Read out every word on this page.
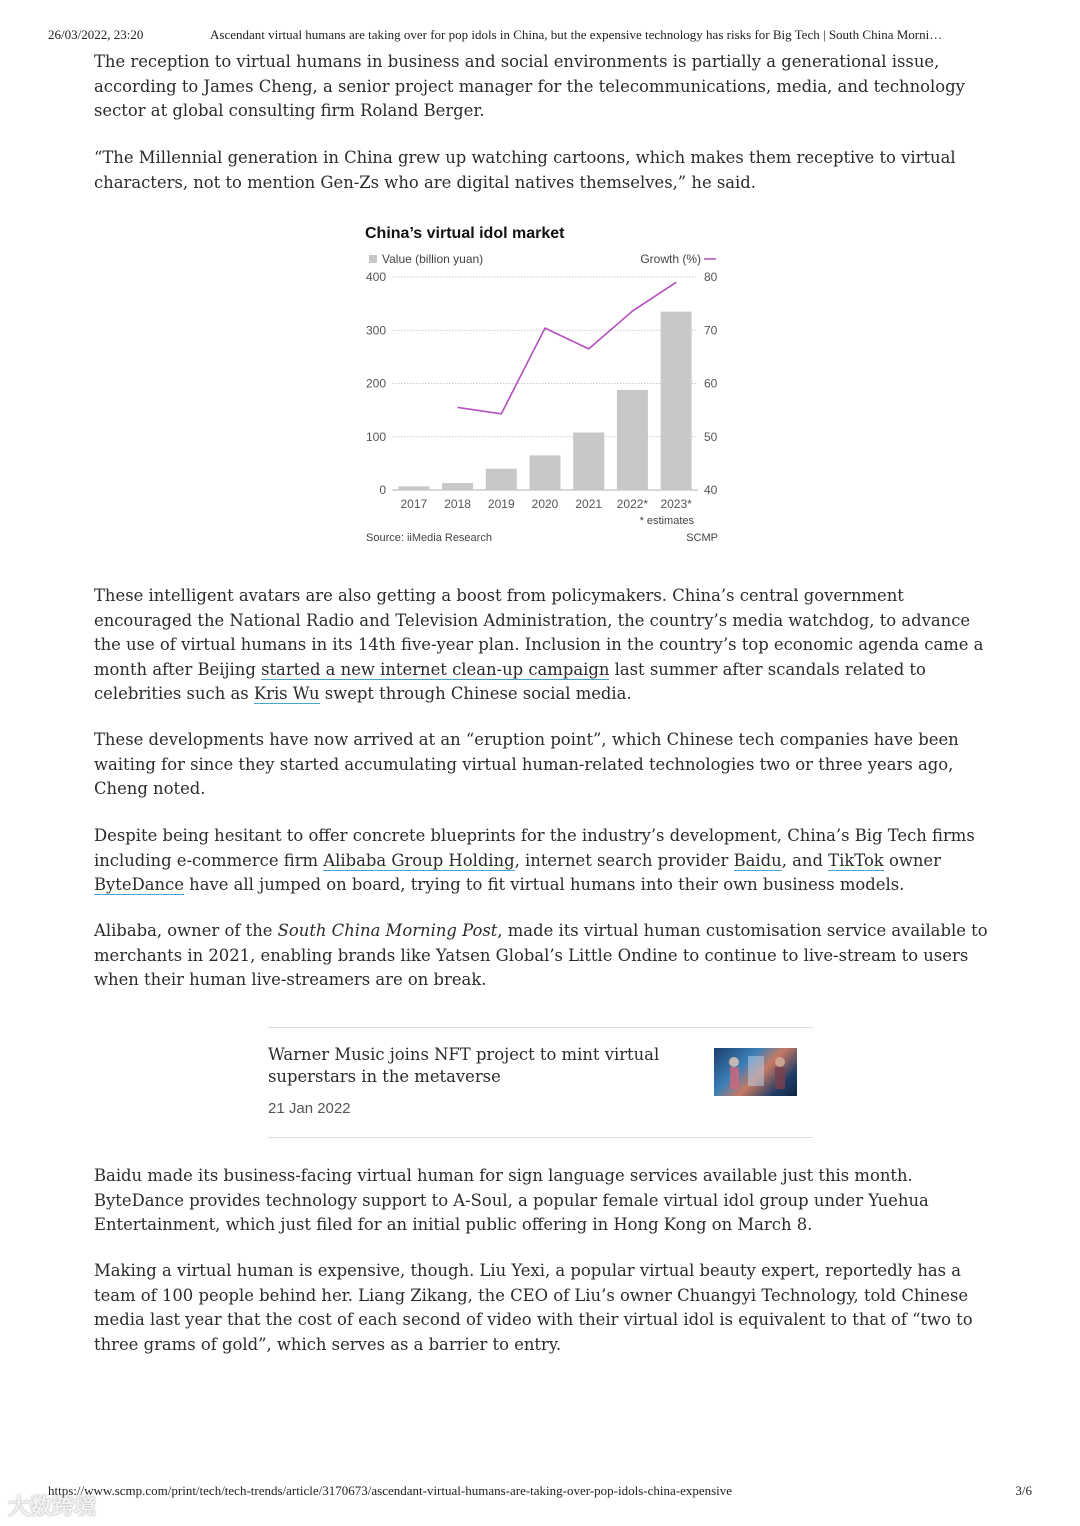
26/03/2022, 23:20	Ascendant virtual humans are taking over for pop idols in China, but the expensive technology has risks for Big Tech | South China Morni…

The reception to virtual humans in business and social environments is partially a generational issue, according to James Cheng, a senior project manager for the telecommunications, media, and technology sector at global consulting firm Roland Berger.

“The Millennial generation in China grew up watching cartoons, which makes them receptive to virtual characters, not to mention Gen-Zs who are digital natives themselves,” he said.

China’s virtual idol market
Value (billion yuan)	Growth (%)
0
100
200
300
400
40
50
60
70
80
2017 2018 2019 2020 2021 2022* 2023*
* estimates
Source: iiMedia Research	SCMP

These intelligent avatars are also getting a boost from policymakers. China’s central government encouraged the National Radio and Television Administration, the country’s media watchdog, to advance the use of virtual humans in its 14th five-year plan. Inclusion in the country’s top economic agenda came a month after Beijing started a new internet clean-up campaign last summer after scandals related to celebrities such as Kris Wu swept through Chinese social media.

These developments have now arrived at an “eruption point”, which Chinese tech companies have been waiting for since they started accumulating virtual human-related technologies two or three years ago, Cheng noted.

Despite being hesitant to offer concrete blueprints for the industry’s development, China’s Big Tech firms including e-commerce firm Alibaba Group Holding, internet search provider Baidu, and TikTok owner ByteDance have all jumped on board, trying to fit virtual humans into their own business models.

Alibaba, owner of the South China Morning Post, made its virtual human customisation service available to merchants in 2021, enabling brands like Yatsen Global’s Little Ondine to continue to live-stream to users when their human live-streamers are on break.

Warner Music joins NFT project to mint virtual superstars in the metaverse
21 Jan 2022

Baidu made its business-facing virtual human for sign language services available just this month. ByteDance provides technology support to A-Soul, a popular female virtual idol group under Yuehua Entertainment, which just filed for an initial public offering in Hong Kong on March 8.

Making a virtual human is expensive, though. Liu Yexi, a popular virtual beauty expert, reportedly has a team of 100 people behind her. Liang Zikang, the CEO of Liu’s owner Chuangyi Technology, told Chinese media last year that the cost of each second of video with their virtual idol is equivalent to that of “two to three grams of gold”, which serves as a barrier to entry.

https://www.scmp.com/print/tech/tech-trends/article/3170673/ascendant-virtual-humans-are-taking-over-pop-idols-china-expensive	3/6
大数跨境
